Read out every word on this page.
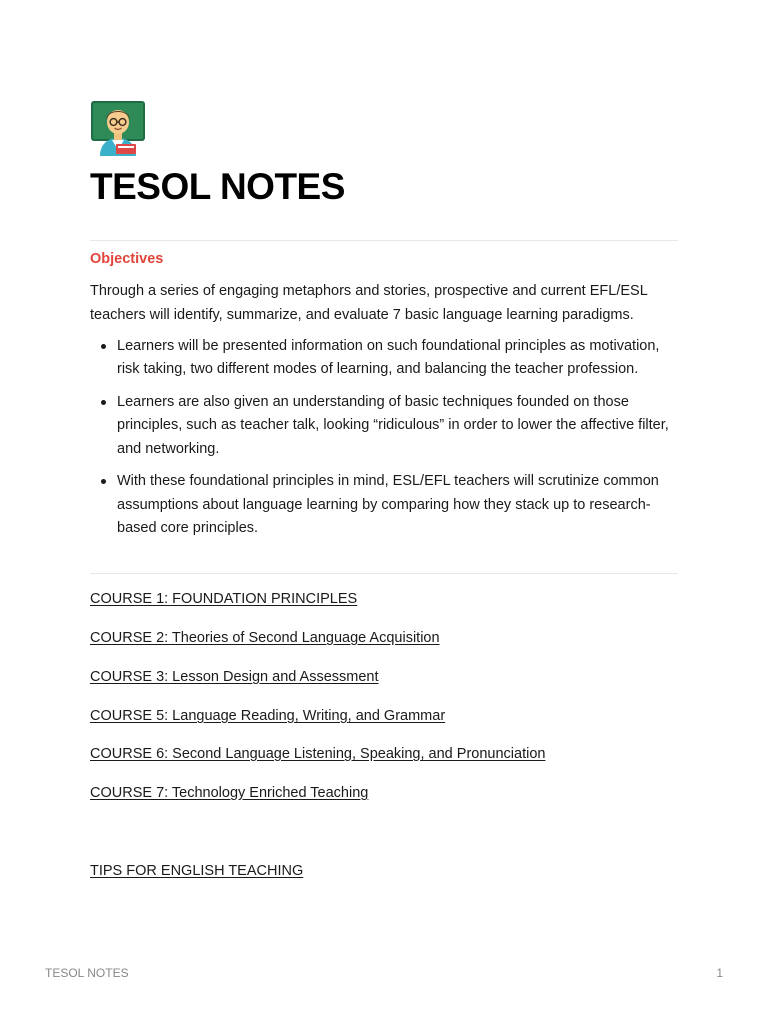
TESOL NOTES
Objectives
Through a series of engaging metaphors and stories, prospective and current EFL/ESL teachers will identify, summarize, and evaluate 7 basic language learning paradigms.
Learners will be presented information on such foundational principles as motivation, risk taking, two different modes of learning, and balancing the teacher profession.
Learners are also given an understanding of basic techniques founded on those principles, such as teacher talk, looking “ridiculous” in order to lower the affective filter, and networking.
With these foundational principles in mind, ESL/EFL teachers will scrutinize common assumptions about language learning by comparing how they stack up to research-based core principles.
COURSE 1: FOUNDATION PRINCIPLES
COURSE 2: Theories of Second Language Acquisition
COURSE 3: Lesson Design and Assessment
COURSE 5: Language Reading, Writing, and Grammar
COURSE 6: Second Language Listening, Speaking, and Pronunciation
COURSE 7: Technology Enriched Teaching
TIPS FOR ENGLISH TEACHING
TESOL NOTES	1
